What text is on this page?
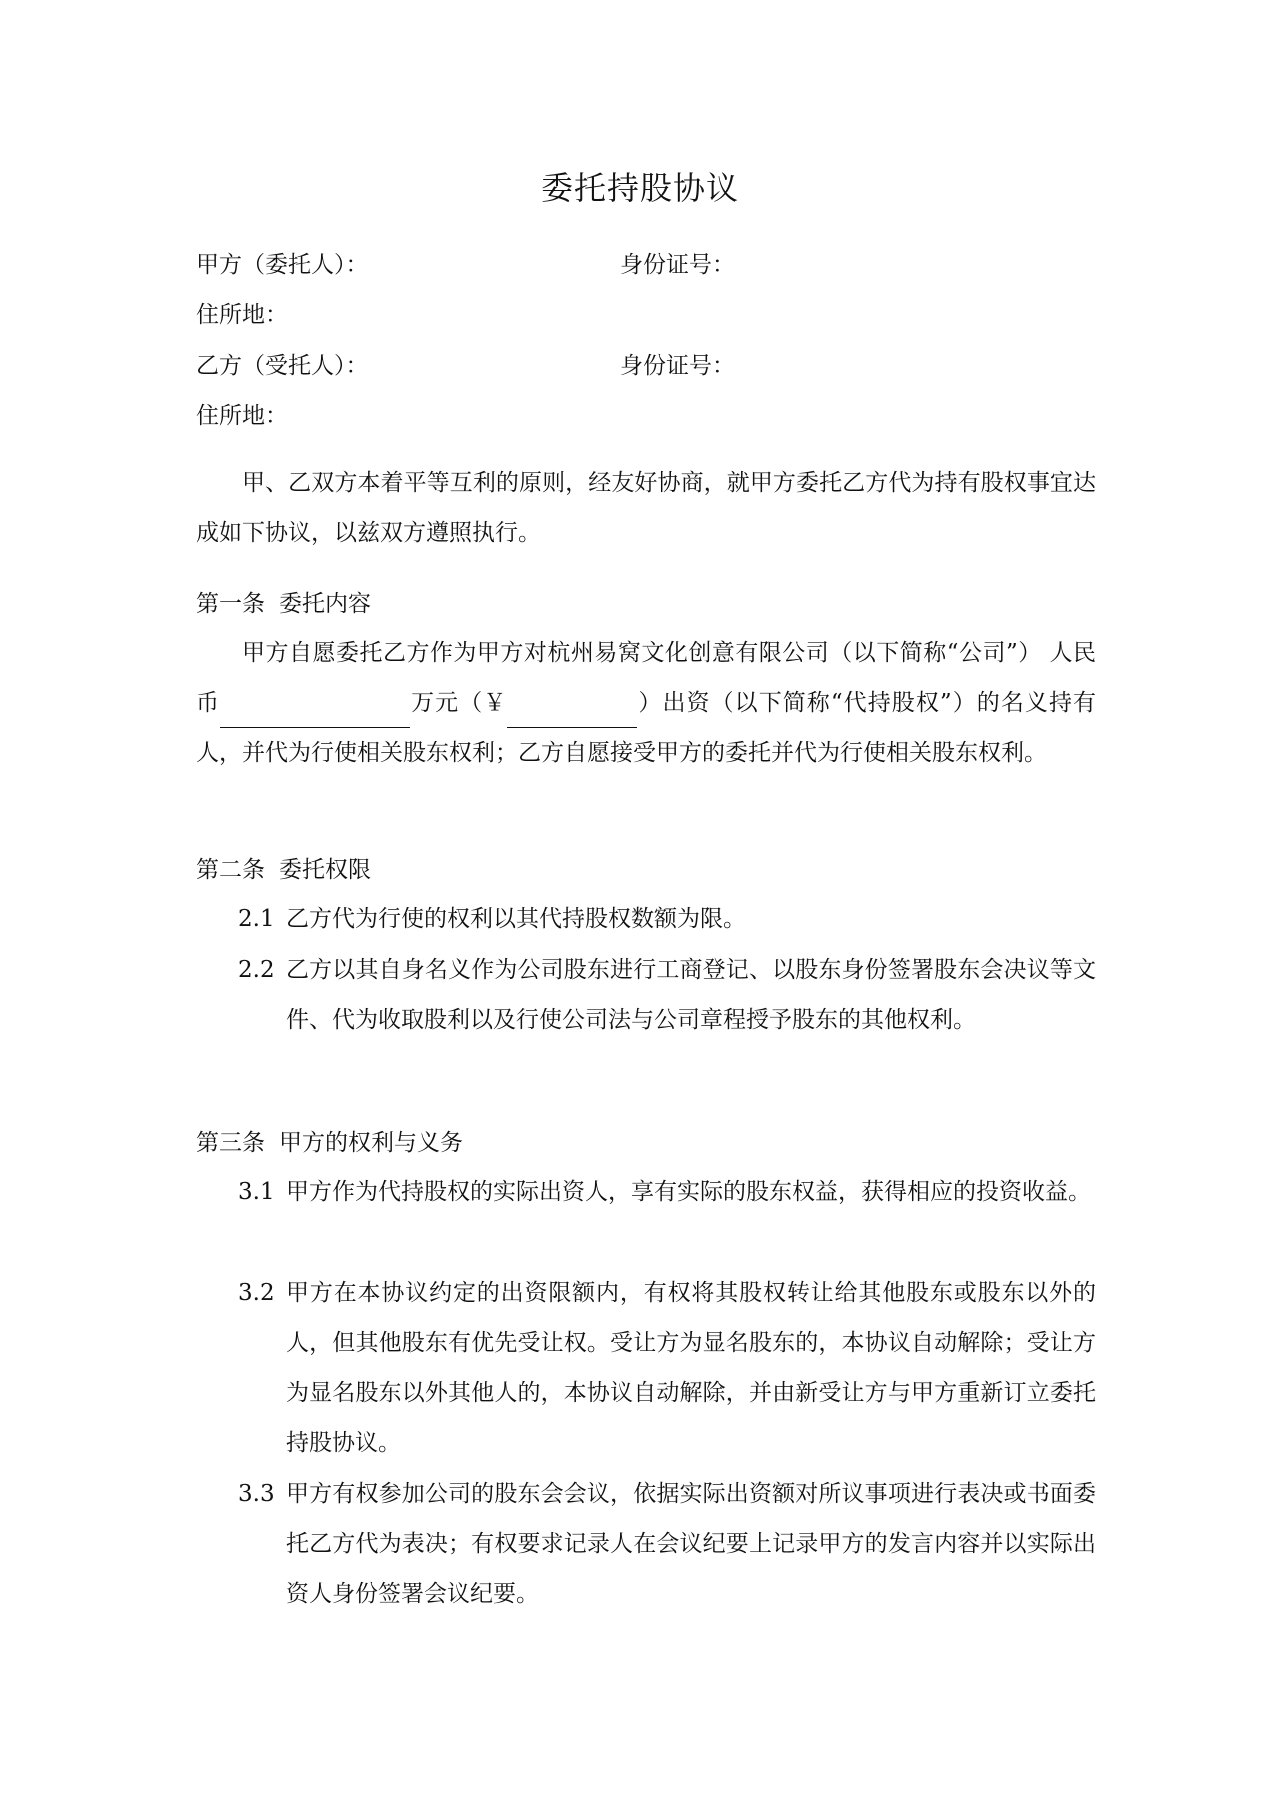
委托持股协议
甲方（委托人）：	身份证号：
住所地：
乙方（受托人）：	身份证号：
住所地：
甲、乙双方本着平等互利的原则，经友好协商，就甲方委托乙方代为持有股权事宜达成如下协议，以兹双方遵照执行。
第一条 委托内容
甲方自愿委托乙方作为甲方对杭州易窝文化创意有限公司（以下简称“公司”） 人民币	万元（￥	）出资（以下简称“代持股权”）的名义持有人，并代为行使相关股东权利；乙方自愿接受甲方的委托并代为行使相关股东权利。
第二条 委托权限
2.1 乙方代为行使的权利以其代持股权数额为限。
2.2 乙方以其自身名义作为公司股东进行工商登记、以股东身份签署股东会决议等文件、代为收取股利以及行使公司法与公司章程授予股东的其他权利。
第三条 甲方的权利与义务
3.1 甲方作为代持股权的实际出资人，享有实际的股东权益，获得相应的投资收益。
3.2 甲方在本协议约定的出资限额内，有权将其股权转让给其他股东或股东以外的人，但其他股东有优先受让权。受让方为显名股东的，本协议自动解除；受让方为显名股东以外其他人的，本协议自动解除，并由新受让方与甲方重新订立委托持股协议。
3.3 甲方有权参加公司的股东会会议，依据实际出资额对所议事项进行表决或书面委托乙方代为表决；有权要求记录人在会议纪要上记录甲方的发言内容并以实际出资人身份签署会议纪要。
